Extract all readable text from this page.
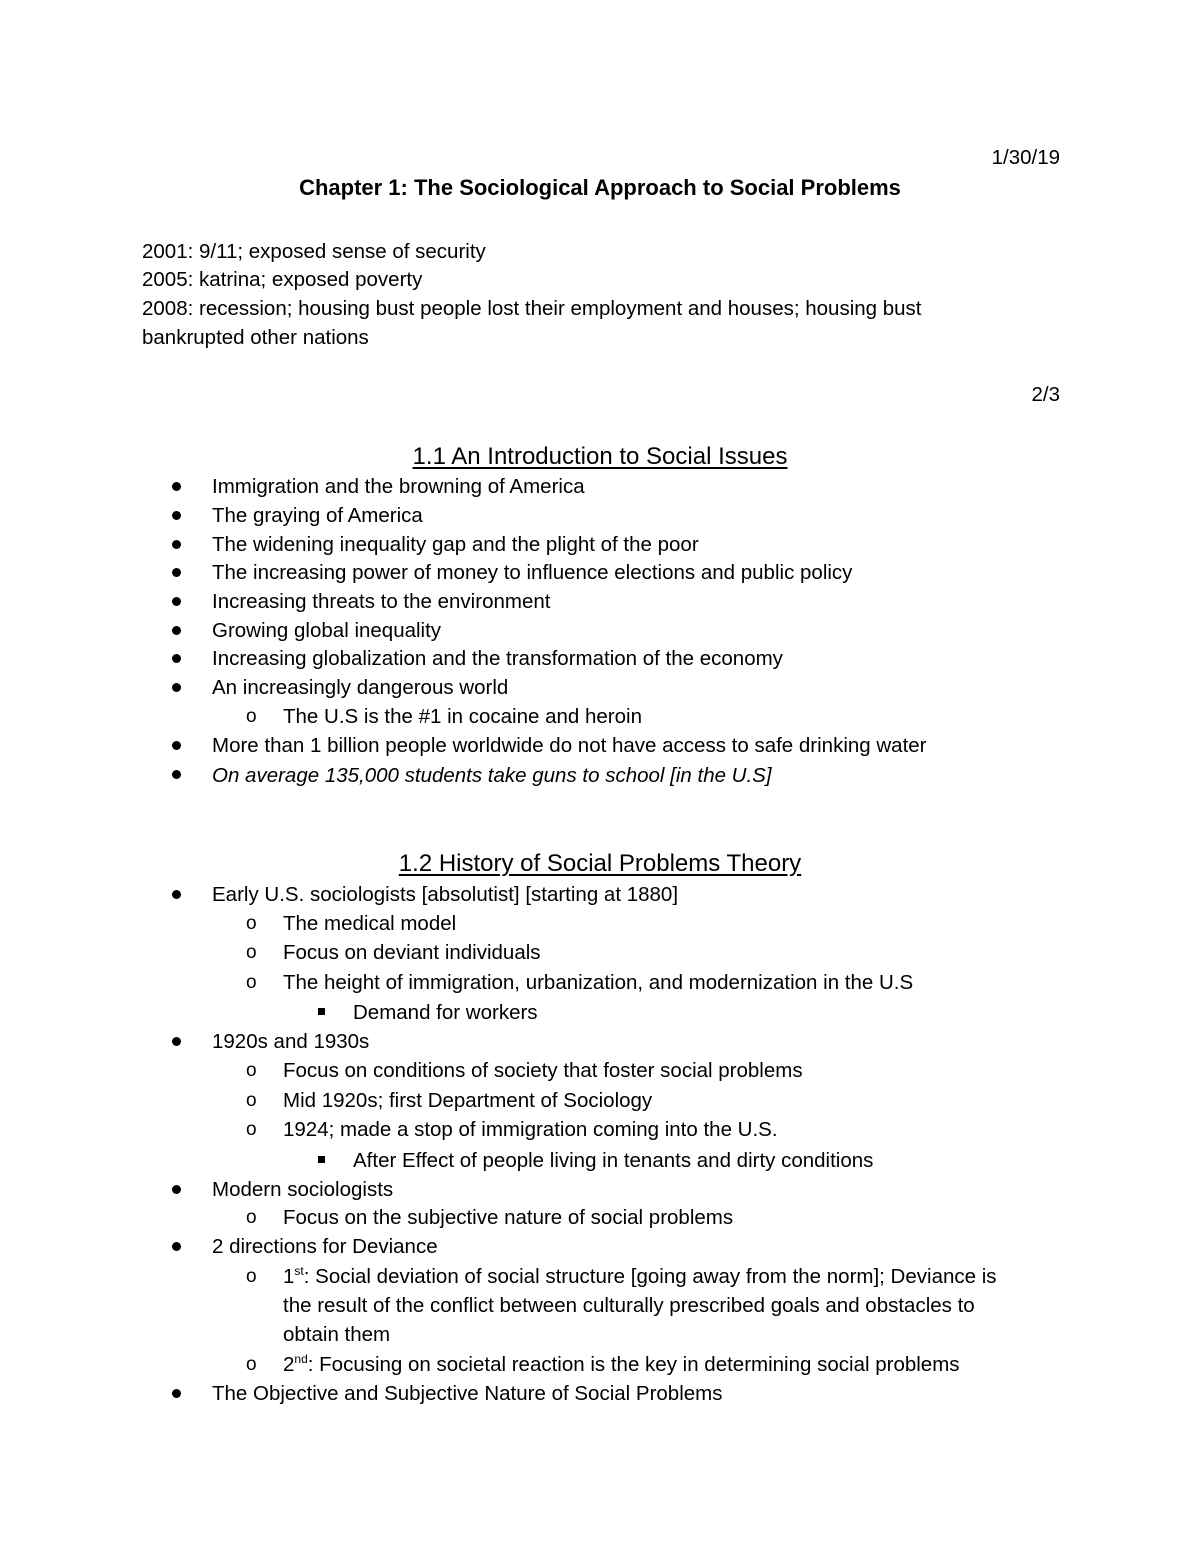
1/30/19
Chapter 1: The Sociological Approach to Social Problems
2001: 9/11; exposed sense of security
2005: katrina; exposed poverty
2008: recession; housing bust people lost their employment and houses; housing bust
bankrupted other nations
2/3
1.1 An Introduction to Social Issues
Immigration and the browning of America
The graying of America
The widening inequality gap and the plight of the poor
The increasing power of money to influence elections and public policy
Increasing threats to the environment
Growing global inequality
Increasing globalization and the transformation of the economy
An increasingly dangerous world
o The U.S is the #1 in cocaine and heroin
More than 1 billion people worldwide do not have access to safe drinking water
On average 135,000 students take guns to school [in the U.S]
1.2 History of Social Problems Theory
Early U.S. sociologists [absolutist] [starting at 1880]
o The medical model
o Focus on deviant individuals
o The height of immigration, urbanization, and modernization in the U.S
Demand for workers
1920s and 1930s
o Focus on conditions of society that foster social problems
o Mid 1920s; first Department of Sociology
o 1924; made a stop of immigration coming into the U.S.
After Effect of people living in tenants and dirty conditions
Modern sociologists
o Focus on the subjective nature of social problems
2 directions for Deviance
o 1st: Social deviation of social structure [going away from the norm]; Deviance is
the result of the conflict between culturally prescribed goals and obstacles to
obtain them
o 2nd: Focusing on societal reaction is the key in determining social problems
The Objective and Subjective Nature of Social Problems
